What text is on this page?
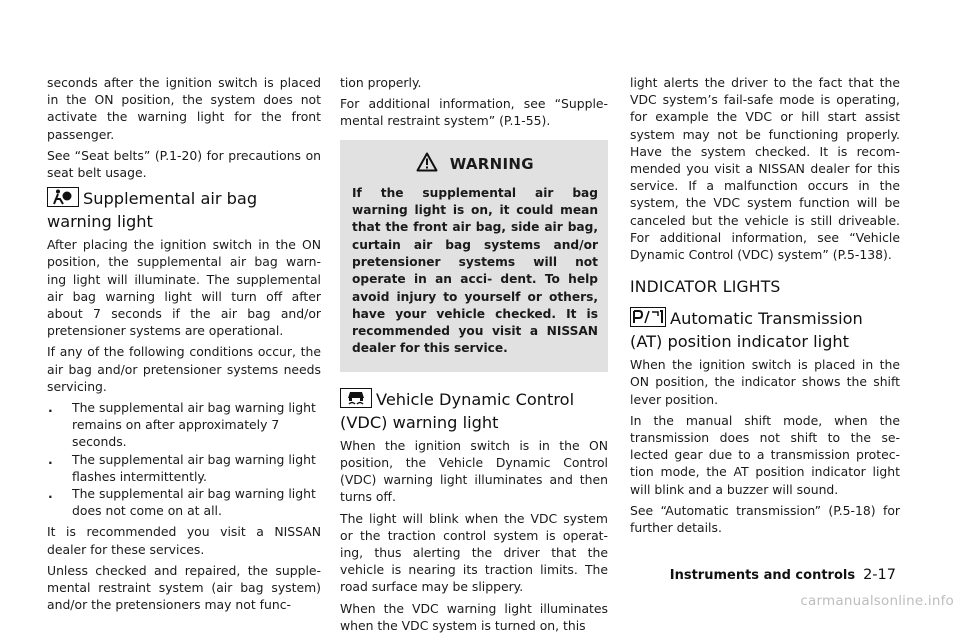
seconds after the ignition switch is placed in the ON position, the system does not activate the warning light for the front passenger.

See “Seat belts” (P.1-20) for precautions on seat belt usage.

Supplemental air bag warning light

After placing the ignition switch in the ON position, the supplemental air bag warn- ing light will illuminate. The supplemental air bag warning light will turn off after about 7 seconds if the air bag and/or pretensioner systems are operational.

If any of the following conditions occur, the air bag and/or pretensioner systems needs servicing.

. The supplemental air bag warning light remains on after approximately 7 seconds.
. The supplemental air bag warning light flashes intermittently.
. The supplemental air bag warning light does not come on at all.

It is recommended you visit a NISSAN dealer for these services.

Unless checked and repaired, the supple- mental restraint system (air bag system) and/or the pretensioners may not func-

tion properly.

For additional information, see “Supple- mental restraint system” (P.1-55).

WARNING
If the supplemental air bag warning light is on, it could mean that the front air bag, side air bag, curtain air bag systems and/or pretensioner systems will not operate in an acci- dent. To help avoid injury to yourself or others, have your vehicle checked. It is recommended you visit a NISSAN dealer for this service.
Vehicle Dynamic Control (VDC) warning light

When the ignition switch is in the ON position, the Vehicle Dynamic Control (VDC) warning light illuminates and then turns off.

The light will blink when the VDC system or the traction control system is operat- ing, thus alerting the driver that the vehicle is nearing its traction limits. The road surface may be slippery.

When the VDC warning light illuminates when the VDC system is turned on, this

light alerts the driver to the fact that the VDC system’s fail-safe mode is operating, for example the VDC or hill start assist system may not be functioning properly. Have the system checked. It is recom- mended you visit a NISSAN dealer for this service. If a malfunction occurs in the system, the VDC system function will be canceled but the vehicle is still driveable. For additional information, see “Vehicle Dynamic Control (VDC) system” (P.5-138).

INDICATOR LIGHTS
Automatic Transmission (AT) position indicator light

When the ignition switch is placed in the ON position, the indicator shows the shift lever position.

In the manual shift mode, when the transmission does not shift to the se- lected gear due to a transmission protec- tion mode, the AT position indicator light will blink and a buzzer will sound.

See “Automatic transmission” (P.5-18) for further details.

Instruments and controls 2-17
carmanualsonline.info
